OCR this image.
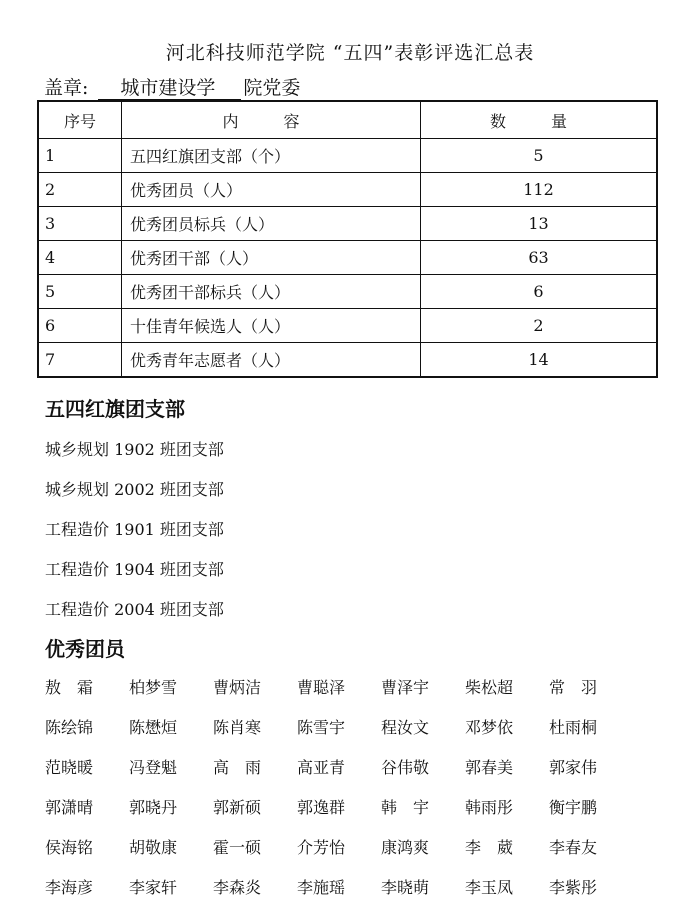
河北科技师范学院 “五四”表彰评选汇总表
盖章: 城市建设学 院党委
序号	内 容	数 量
1	五四红旗团支部（个）	5
2	优秀团员（人）	112
3	优秀团员标兵（人）	13
4	优秀团干部（人）	63
5	优秀团干部标兵（人）	6
6	十佳青年候选人（人）	2
7	优秀青年志愿者（人）	14
五四红旗团支部
城乡规划 1902 班团支部
城乡规划 2002 班团支部
工程造价 1901 班团支部
工程造价 1904 班团支部
工程造价 2004 班团支部
优秀团员
敖霜 柏梦雪 曹炳洁 曹聪泽 曹泽宇 柴松超 常羽
陈绘锦 陈懋烜 陈肖寒 陈雪宇 程汝文 邓梦依 杜雨桐
范晓暖 冯登魁 高雨 高亚青 谷伟敬 郭春美 郭家伟
郭潇晴 郭晓丹 郭新硕 郭逸群 韩宇 韩雨彤 衡宇鹏
侯海铭 胡敬康 霍一硕 介芳怡 康鸿爽 李葳 李春友
李海彦 李家轩 李森炎 李施瑶 李晓萌 李玉凤 李紫彤
